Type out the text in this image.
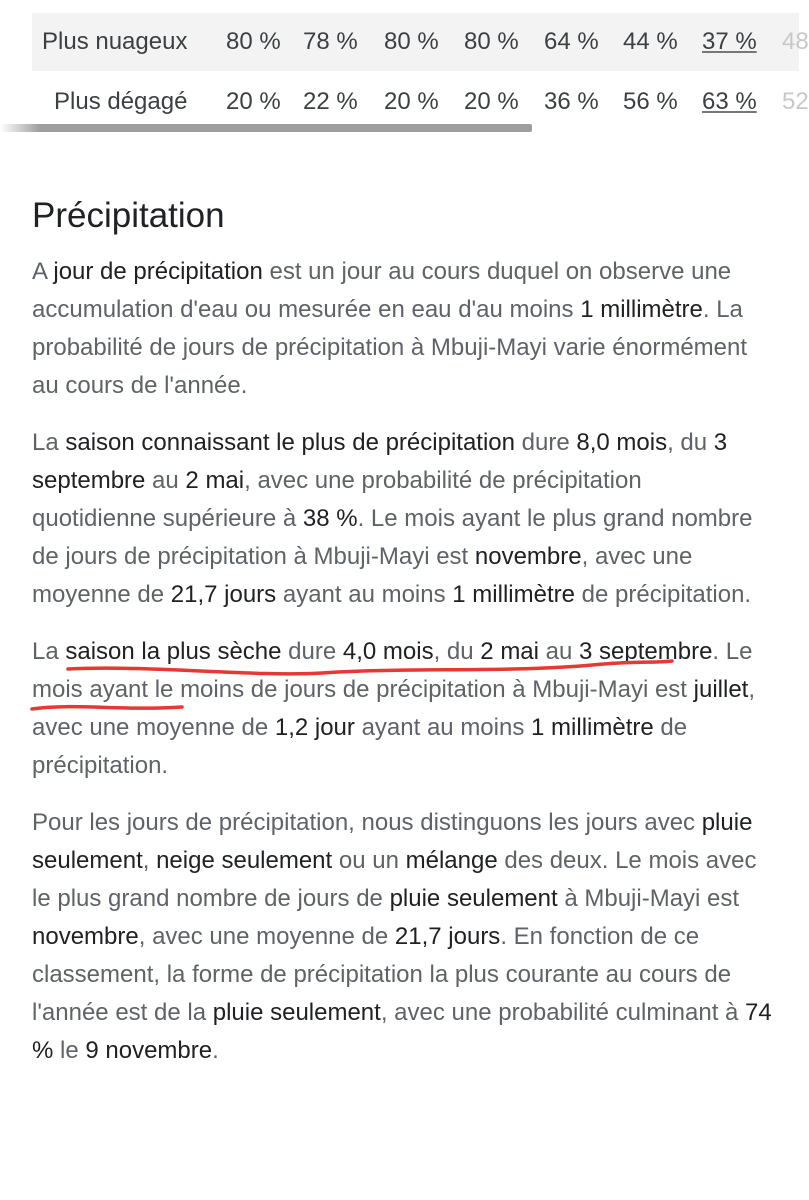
Plus nuageux 80 % 78 % 80 % 80 % 64 % 44 % 37 % 48
Plus dégagé 20 % 22 % 20 % 20 % 36 % 56 % 63 % 52
Précipitation

A jour de précipitation est un jour au cours duquel on observe une accumulation d'eau ou mesurée en eau d'au moins 1 millimètre. La probabilité de jours de précipitation à Mbuji-Mayi varie énormément au cours de l'année.

La saison connaissant le plus de précipitation dure 8,0 mois, du 3 septembre au 2 mai, avec une probabilité de précipitation quotidienne supérieure à 38 %. Le mois ayant le plus grand nombre de jours de précipitation à Mbuji-Mayi est novembre, avec une moyenne de 21,7 jours ayant au moins 1 millimètre de précipitation.

La saison la plus sèche dure 4,0 mois, du 2 mai au 3 septembre. Le mois ayant le moins de jours de précipitation à Mbuji-Mayi est juillet, avec une moyenne de 1,2 jour ayant au moins 1 millimètre de précipitation.

Pour les jours de précipitation, nous distinguons les jours avec pluie seulement, neige seulement ou un mélange des deux. Le mois avec le plus grand nombre de jours de pluie seulement à Mbuji-Mayi est novembre, avec une moyenne de 21,7 jours. En fonction de ce classement, la forme de précipitation la plus courante au cours de l'année est de la pluie seulement, avec une probabilité culminant à 74 % le 9 novembre.
